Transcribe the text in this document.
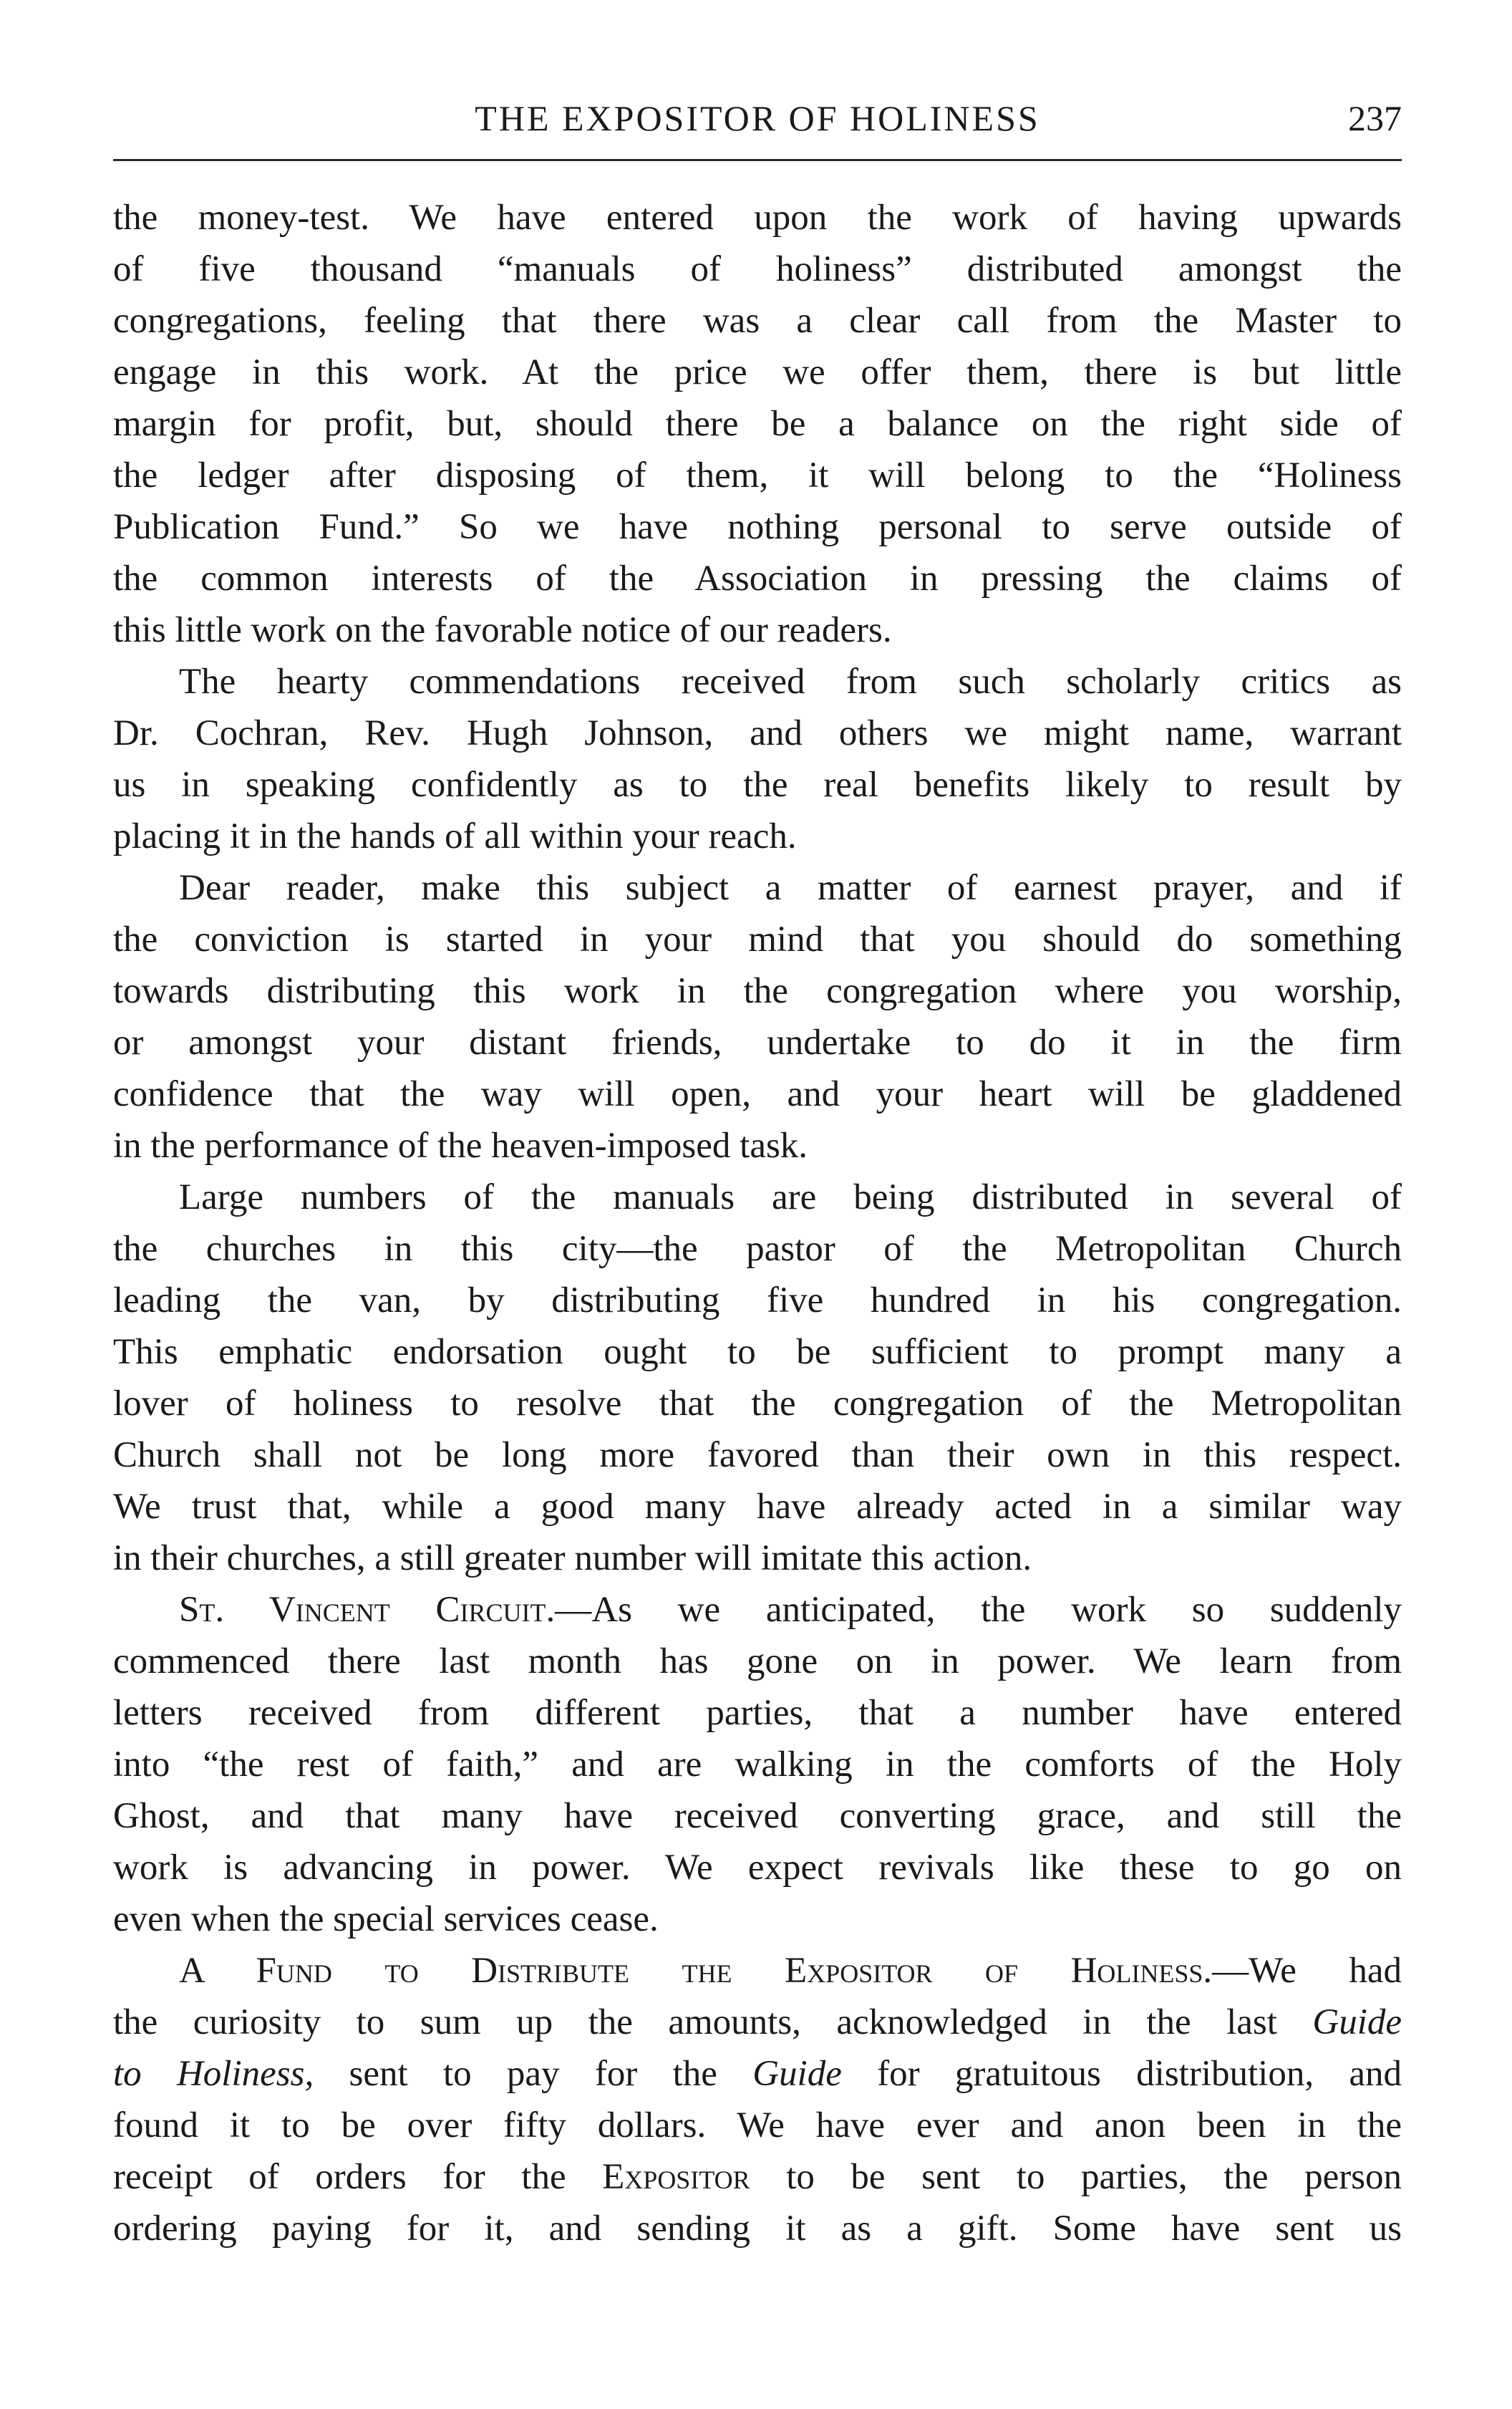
THE EXPOSITOR OF HOLINESS	237

the money-test. We have entered upon the work of having upwards
of five thousand “manuals of holiness” distributed amongst the
congregations, feeling that there was a clear call from the Master to
engage in this work. At the price we offer them, there is but little
margin for profit, but, should there be a balance on the right side of
the ledger after disposing of them, it will belong to the “Holiness
Publication Fund.” So we have nothing personal to serve outside of
the common interests of the Association in pressing the claims of
this little work on the favorable notice of our readers.

The hearty commendations received from such scholarly critics as
Dr. Cochran, Rev. Hugh Johnson, and others we might name, warrant
us in speaking confidently as to the real benefits likely to result by
placing it in the hands of all within your reach.

Dear reader, make this subject a matter of earnest prayer, and if
the conviction is started in your mind that you should do something
towards distributing this work in the congregation where you worship,
or amongst your distant friends, undertake to do it in the firm
confidence that the way will open, and your heart will be gladdened
in the performance of the heaven-imposed task.

Large numbers of the manuals are being distributed in several of
the churches in this city—the pastor of the Metropolitan Church
leading the van, by distributing five hundred in his congregation.
This emphatic endorsation ought to be sufficient to prompt many a
lover of holiness to resolve that the congregation of the Metropolitan
Church shall not be long more favored than their own in this respect.
We trust that, while a good many have already acted in a similar way
in their churches, a still greater number will imitate this action.

St. Vincent Circuit.—As we anticipated, the work so suddenly
commenced there last month has gone on in power. We learn from
letters received from different parties, that a number have entered
into “the rest of faith,” and are walking in the comforts of the Holy
Ghost, and that many have received converting grace, and still the
work is advancing in power. We expect revivals like these to go on
even when the special services cease.

A Fund to Distribute the Expositor of Holiness.—We had
the curiosity to sum up the amounts, acknowledged in the last Guide
to Holiness, sent to pay for the Guide for gratuitous distribution, and
found it to be over fifty dollars. We have ever and anon been in the
receipt of orders for the Expositor to be sent to parties, the person
ordering paying for it, and sending it as a gift. Some have sent us
